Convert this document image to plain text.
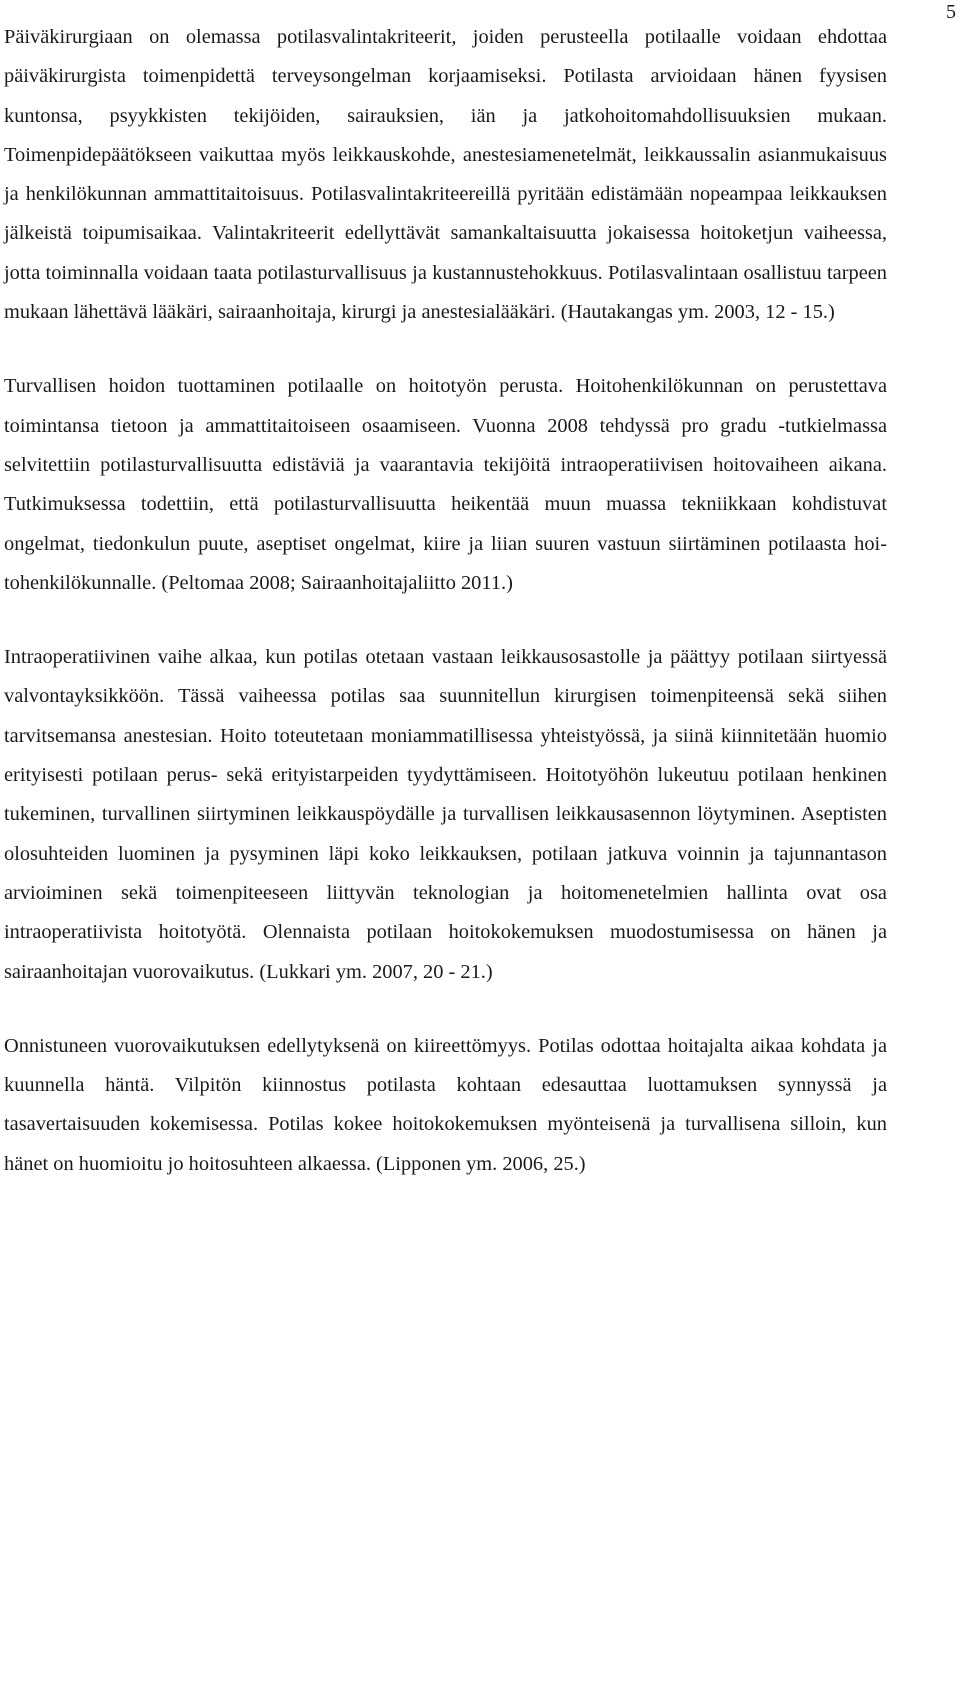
5

Päiväkirurgiaan on olemassa potilasvalintakriteerit, joiden perusteella potilaalle voidaan ehdottaa päiväkirurgista toimenpidettä terveysongelman korjaamiseksi. Potilasta arvioidaan hänen fyysisen kuntonsa, psyykkisten tekijöiden, sairauksien, iän ja jatkohoitomahdollisuuksien mukaan. Toimenpidepäätökseen vaikuttaa myös leikkauskohde, anestesiamenetelmät, leikkaussalin asianmukaisuus ja henkilökunnan ammattitaitoisuus. Potilasvalintakriteereillä pyritään edistämään nopeampaa leikkauksen jälkeistä toipumisaikaa. Valintakriteerit edellyttävät samankaltaisuutta jokaisessa hoitoketjun vaiheessa, jotta toiminnalla voidaan taata potilasturvallisuus ja kustannustehokkuus. Potilasvalintaan osallistuu tarpeen mukaan lähettävä lääkäri, sairaanhoitaja, kirurgi ja anestesialääkäri. (Hautakangas ym. 2003, 12 - 15.)

Turvallisen hoidon tuottaminen potilaalle on hoitotyön perusta. Hoitohenkilökunnan on perustettava toimintansa tietoon ja ammattitaitoiseen osaamiseen. Vuonna 2008 tehdyssä pro gradu -tutkielmassa selvitettiin potilasturvallisuutta edistäviä ja vaarantavia tekijöitä intraoperatiivisen hoitovaiheen aikana. Tutkimuksessa todettiin, että potilasturvallisuutta heikentää muun muassa tekniikkaan kohdistuvat ongelmat, tiedonkulun puute, aseptiset ongelmat, kiire ja liian suuren vastuun siirtäminen potilaasta hoitohenkilökunnalle. (Peltomaa 2008; Sairaanhoitajaliitto 2011.)

Intraoperatiivinen vaihe alkaa, kun potilas otetaan vastaan leikkausosastolle ja päättyy potilaan siirtyessä valvontayksikköön. Tässä vaiheessa potilas saa suunnitellun kirurgisen toimenpiteensä sekä siihen tarvitsemansa anestesian. Hoito toteutetaan moniammatillisessa yhteistyössä, ja siinä kiinnitetään huomio erityisesti potilaan perus- sekä erityistarpeiden tyydyttämiseen. Hoitotyöhön lukeutuu potilaan henkinen tukeminen, turvallinen siirtyminen leikkauspöydälle ja turvallisen leikkausasennon löytyminen. Aseptisten olosuhteiden luominen ja pysyminen läpi koko leikkauksen, potilaan jatkuva voinnin ja tajunnantason arvioiminen sekä toimenpiteeseen liittyvän teknologian ja hoitomenetelmien hallinta ovat osa intraoperatiivista hoitotyötä. Olennaista potilaan hoitokokemuksen muodostumisessa on hänen ja sairaanhoitajan vuorovaikutus. (Lukkari ym. 2007, 20 - 21.)

Onnistuneen vuorovaikutuksen edellytyksenä on kiireettömyys. Potilas odottaa hoitajalta aikaa kohdata ja kuunnella häntä. Vilpitön kiinnostus potilasta kohtaan edesauttaa luottamuksen synnyssä ja tasavertaisuuden kokemisessa. Potilas kokee hoitokokemuksen myönteisenä ja turvallisena silloin, kun hänet on huomioitu jo hoitosuhteen alkaessa. (Lipponen ym. 2006, 25.)
